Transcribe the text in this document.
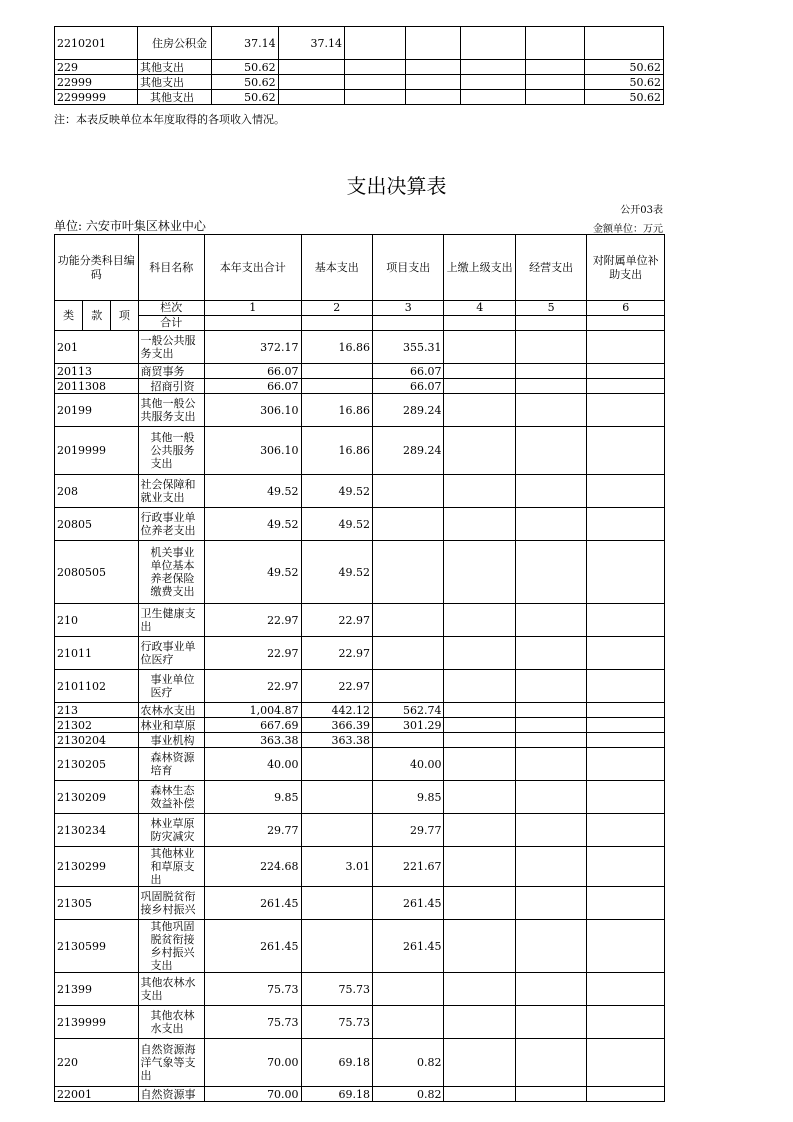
2210201	住房公积金	37.14	37.14					
229	其他支出	50.62						50.62
22999	其他支出	50.62						50.62
2299999	其他支出	50.62						50.62
注：本表反映单位本年度取得的各项收入情况。
支出决算表
公开03表
单位: 六安市叶集区林业中心	金额单位：万元
功能分类科目编码			科目名称	本年支出合计	基本支出	项目支出	上缴上级支出	经营支出	对附属单位补助支出
类	款	项	栏次	1	2	3	4	5	6
			合计						
201			一般公共服务支出	372.17	16.86	355.31			
20113			商贸事务	66.07		66.07			
2011308			招商引资	66.07		66.07			
20199			其他一般公共服务支出	306.10	16.86	289.24			
2019999			其他一般公共服务支出	306.10	16.86	289.24			
208			社会保障和就业支出	49.52	49.52				
20805			行政事业单位养老支出	49.52	49.52				
2080505			机关事业单位基本养老保险缴费支出	49.52	49.52				
210			卫生健康支出	22.97	22.97				
21011			行政事业单位医疗	22.97	22.97				
2101102			事业单位医疗	22.97	22.97				
213			农林水支出	1,004.87	442.12	562.74			
21302			林业和草原	667.69	366.39	301.29			
2130204			事业机构	363.38	363.38				
2130205			森林资源培育	40.00		40.00			
2130209			森林生态效益补偿	9.85		9.85			
2130234			林业草原防灾减灾	29.77		29.77			
2130299			其他林业和草原支出	224.68	3.01	221.67			
21305			巩固脱贫衔接乡村振兴	261.45		261.45			
2130599			其他巩固脱贫衔接乡村振兴支出	261.45		261.45			
21399			其他农林水支出	75.73	75.73				
2139999			其他农林水支出	75.73	75.73				
220			自然资源海洋气象等支出	70.00	69.18	0.82			
22001			自然资源事	70.00	69.18	0.82			
